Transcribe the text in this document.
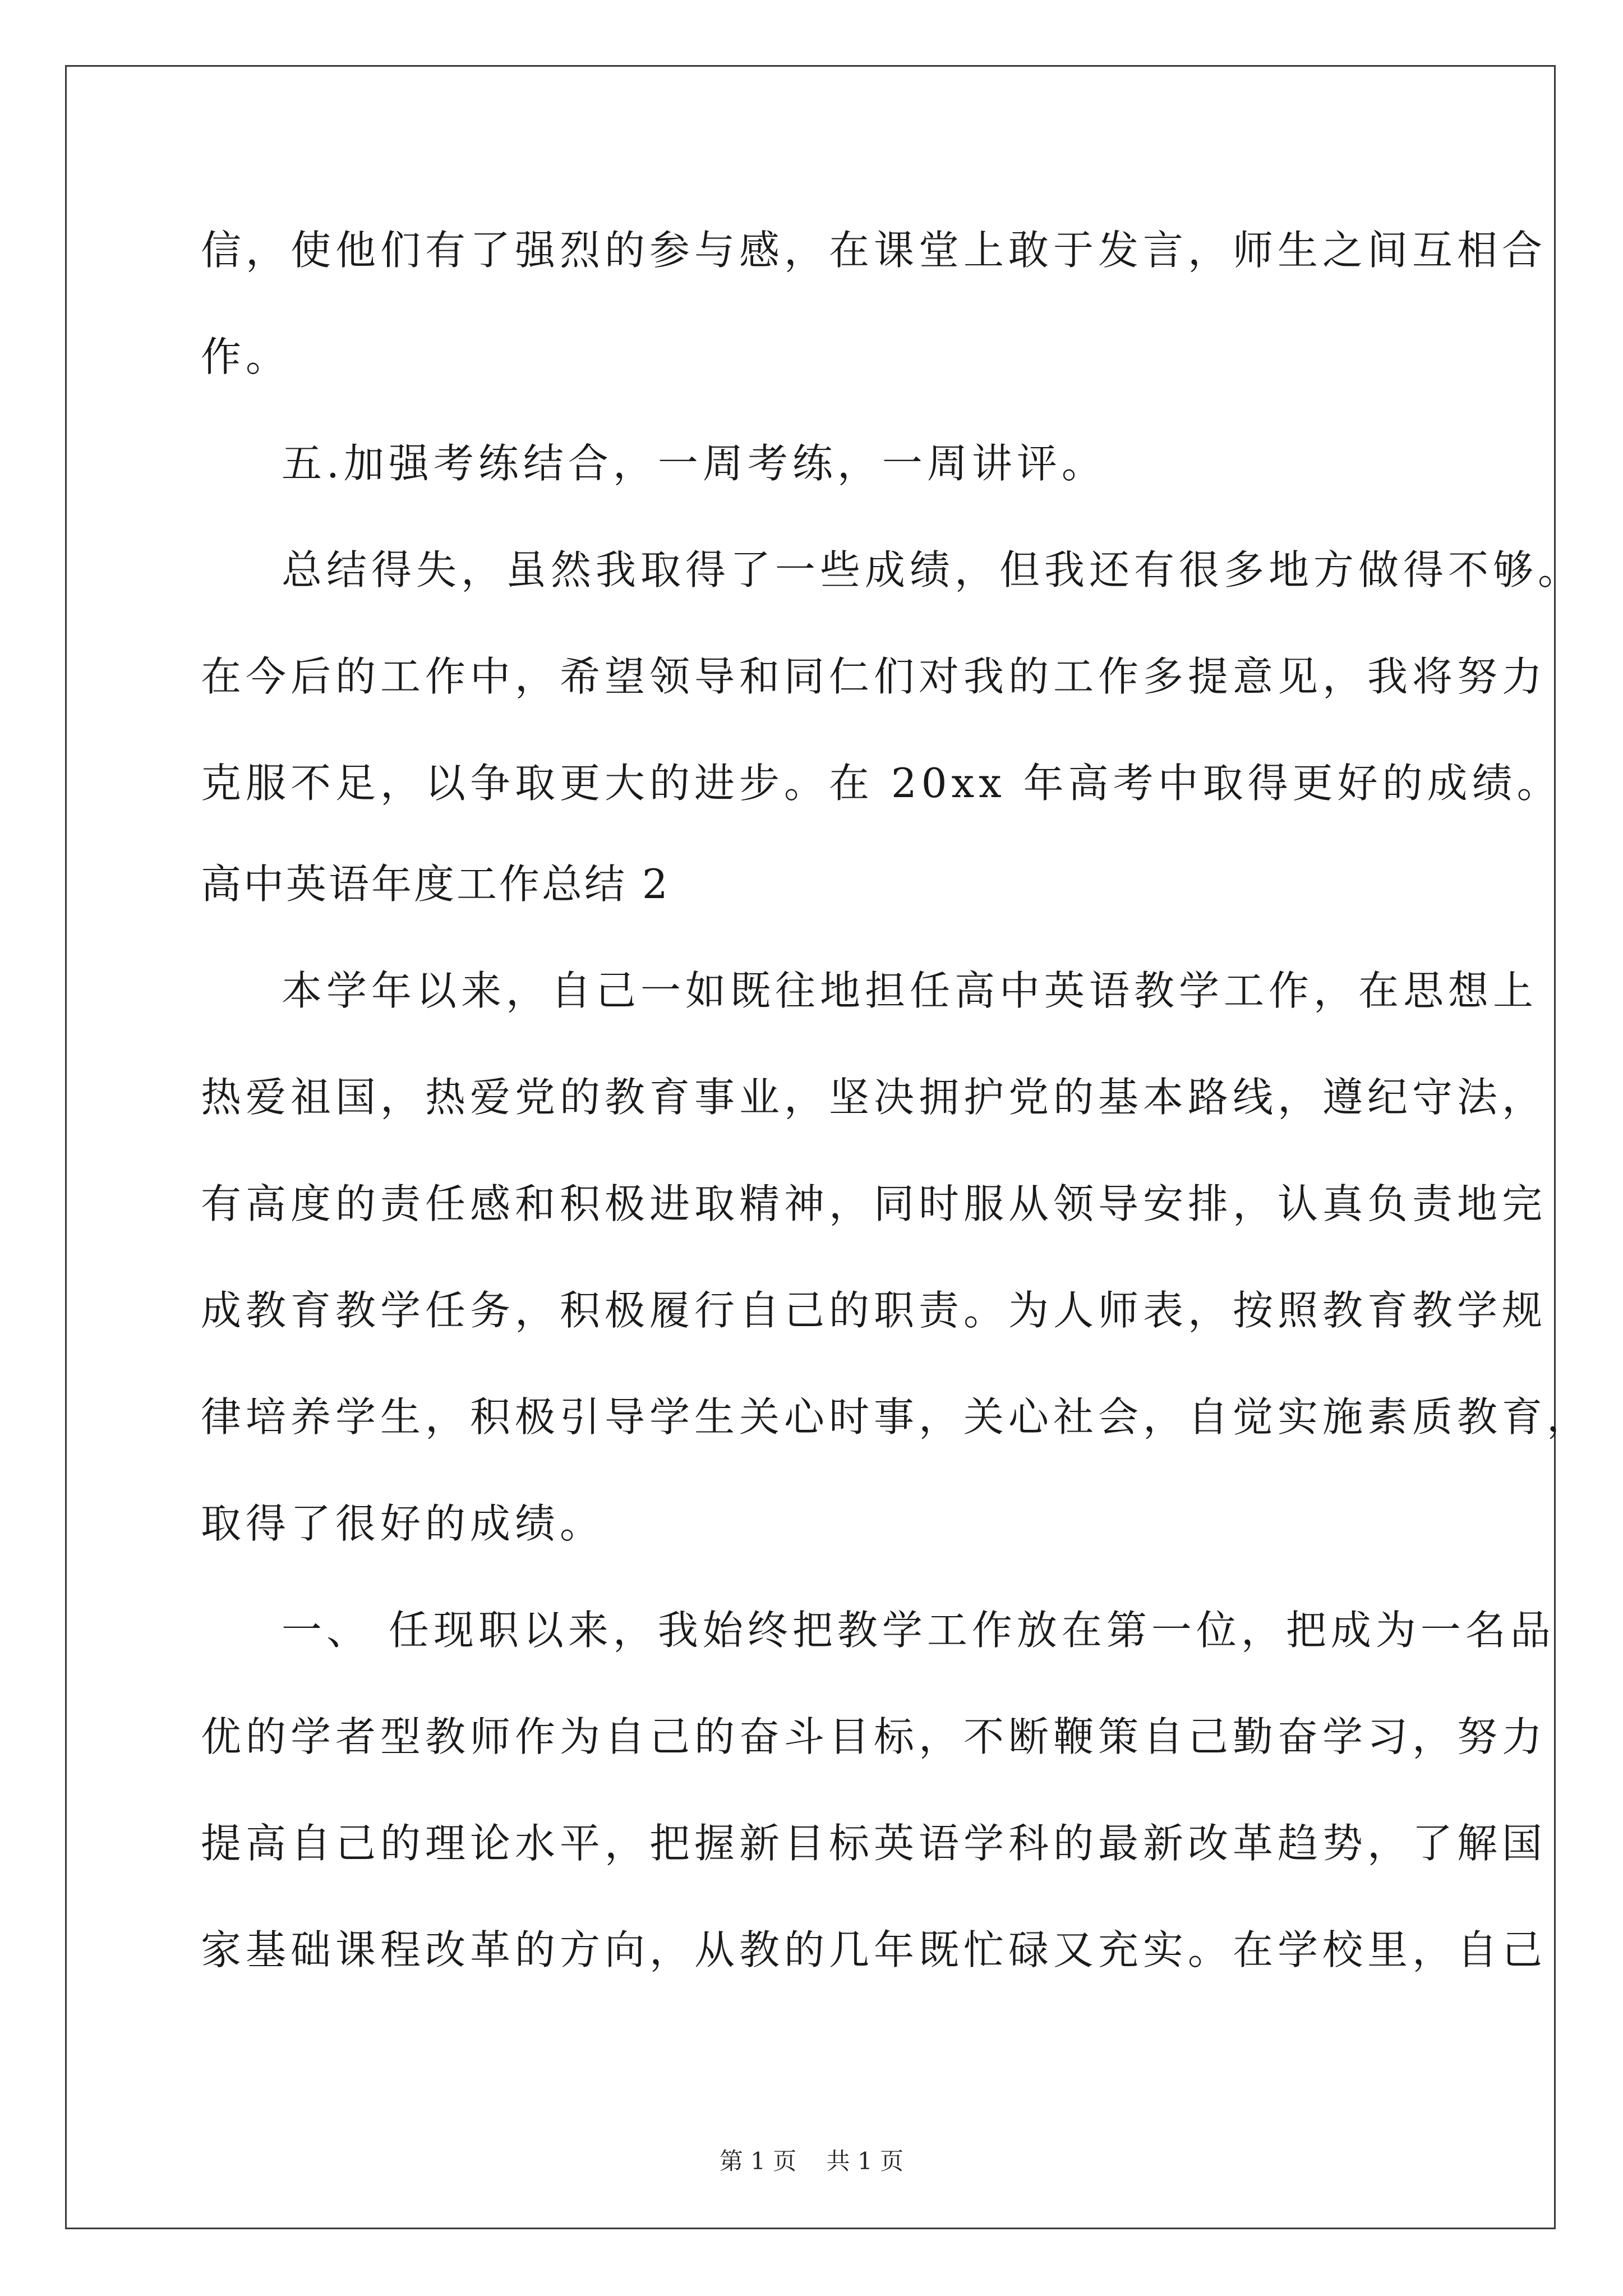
信，使他们有了强烈的参与感，在课堂上敢于发言，师生之间互相合
作。
五.加强考练结合，一周考练，一周讲评。
总结得失，虽然我取得了一些成绩，但我还有很多地方做得不够。
在今后的工作中，希望领导和同仁们对我的工作多提意见，我将努力
克服不足，以争取更大的进步。在 20xx 年高考中取得更好的成绩。
高中英语年度工作总结 2
本学年以来，自己一如既往地担任高中英语教学工作，在思想上
热爱祖国，热爱党的教育事业，坚决拥护党的基本路线，遵纪守法，
有高度的责任感和积极进取精神，同时服从领导安排，认真负责地完
成教育教学任务，积极履行自己的职责。为人师表，按照教育教学规
律培养学生，积极引导学生关心时事，关心社会，自觉实施素质教育，
取得了很好的成绩。
一、 任现职以来，我始终把教学工作放在第一位，把成为一名品
优的学者型教师作为自己的奋斗目标，不断鞭策自己勤奋学习，努力
提高自己的理论水平，把握新目标英语学科的最新改革趋势，了解国
家基础课程改革的方向，从教的几年既忙碌又充实。在学校里，自己
第 1 页 共 1 页
